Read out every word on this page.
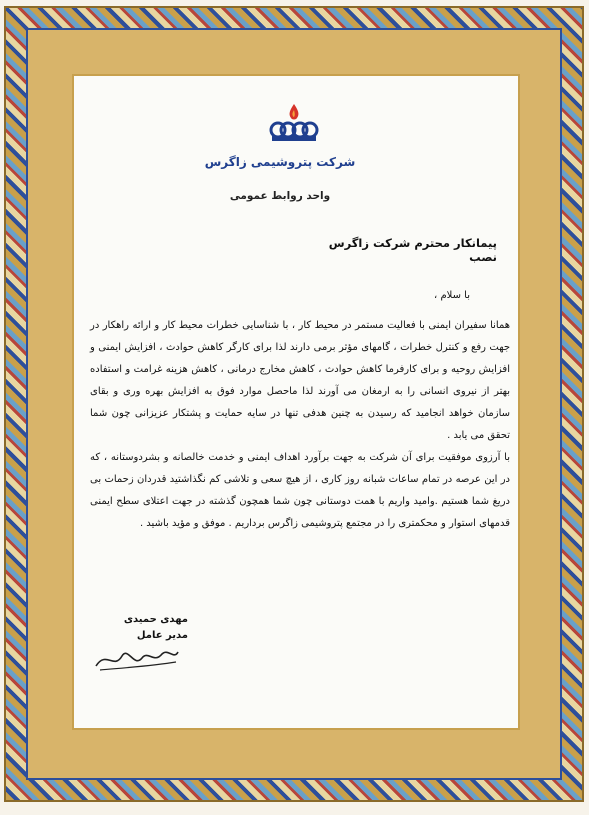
شرکت پتروشیمی زاگرس
واحد روابط عمومی
پیمانکار محترم شرکت زاگرس نصب
با سلام ،

همانا سفیران ایمنی با فعالیت مستمر در محیط کار ، با شناسایی خطرات محیط کار و ارائه راهکار در جهت رفع و کنترل خطرات ، گامهای مؤثر برمی دارند لذا برای کارگر کاهش حوادث ، افزایش ایمنی و افزایش روحیه و برای کارفرما کاهش حوادث ، کاهش مخارج درمانی ، کاهش هزینه غرامت و استفاده بهتر از نیروی انسانی را به ارمغان می آورند لذا ماحصل موارد فوق به افزایش بهره وری و بقای سازمان خواهد انجامید که رسیدن به چنین هدفی تنها در سایه حمایت و پشتکار عزیزانی چون شما تحقق می یابد .

با آرزوی موفقیت برای آن شرکت به جهت برآورد اهداف ایمنی و خدمت خالصانه و بشردوستانه ، که در این عرصه در تمام ساعات شبانه روز کاری ، از هیچ سعی و تلاشی کم نگذاشتید قدردان زحمات بی دریغ شما هستیم .وامید واریم با همت دوستانی چون شما همچون گذشته در جهت اعتلای سطح ایمنی قدمهای استوار و محکمتری را در مجتمع پتروشیمی زاگرس برداریم . موفق و مؤید باشید .

مهدی حمیدی
مدیر عامل
